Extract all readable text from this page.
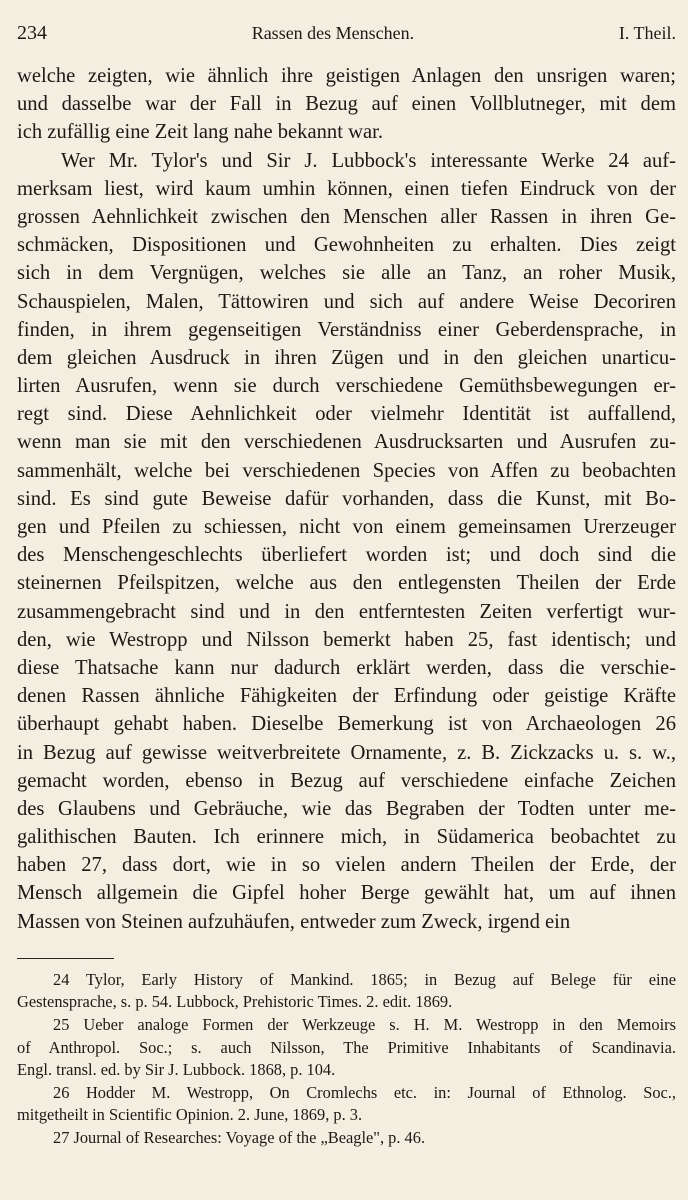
234	Rassen des Menschen.	I. Theil.
welche zeigten, wie ähnlich ihre geistigen Anlagen den unsrigen waren;
und dasselbe war der Fall in Bezug auf einen Vollblutneger, mit dem
ich zufällig eine Zeit lang nahe bekannt war.
Wer Mr. Tylor's und Sir J. Lubbock's interessante Werke 24 auf-
merksam liest, wird kaum umhin können, einen tiefen Eindruck von der
grossen Aehnlichkeit zwischen den Menschen aller Rassen in ihren Ge-
schmäcken, Dispositionen und Gewohnheiten zu erhalten. Dies zeigt
sich in dem Vergnügen, welches sie alle an Tanz, an roher Musik,
Schauspielen, Malen, Tättowiren und sich auf andere Weise Decoriren
finden, in ihrem gegenseitigen Verständniss einer Geberdensprache, in
dem gleichen Ausdruck in ihren Zügen und in den gleichen unarticu-
lirten Ausrufen, wenn sie durch verschiedene Gemüthsbewegungen er-
regt sind. Diese Aehnlichkeit oder vielmehr Identität ist auffallend,
wenn man sie mit den verschiedenen Ausdrucksarten und Ausrufen zu-
sammenhält, welche bei verschiedenen Species von Affen zu beobachten
sind. Es sind gute Beweise dafür vorhanden, dass die Kunst, mit Bo-
gen und Pfeilen zu schiessen, nicht von einem gemeinsamen Urerzeuger
des Menschengeschlechts überliefert worden ist; und doch sind die
steinernen Pfeilspitzen, welche aus den entlegensten Theilen der Erde
zusammengebracht sind und in den entferntesten Zeiten verfertigt wur-
den, wie Westropp und Nilsson bemerkt haben 25, fast identisch; und
diese Thatsache kann nur dadurch erklärt werden, dass die verschie-
denen Rassen ähnliche Fähigkeiten der Erfindung oder geistige Kräfte
überhaupt gehabt haben. Dieselbe Bemerkung ist von Archaeologen 26
in Bezug auf gewisse weitverbreitete Ornamente, z. B. Zickzacks u. s. w.,
gemacht worden, ebenso in Bezug auf verschiedene einfache Zeichen
des Glaubens und Gebräuche, wie das Begraben der Todten unter me-
galithischen Bauten. Ich erinnere mich, in Südamerica beobachtet zu
haben 27, dass dort, wie in so vielen andern Theilen der Erde, der
Mensch allgemein die Gipfel hoher Berge gewählt hat, um auf ihnen
Massen von Steinen aufzuhäufen, entweder zum Zweck, irgend ein
24 Tylor, Early History of Mankind. 1865; in Bezug auf Belege für eine
Gestensprache, s. p. 54. Lubbock, Prehistoric Times. 2. edit. 1869.
25 Ueber analoge Formen der Werkzeuge s. H. M. Westropp in den Memoirs
of Anthropol. Soc.; s. auch Nilsson, The Primitive Inhabitants of Scandinavia.
Engl. transl. ed. by Sir J. Lubbock. 1868, p. 104.
26 Hodder M. Westropp, On Cromlechs etc. in: Journal of Ethnolog. Soc.,
mitgetheilt in Scientific Opinion. 2. June, 1869, p. 3.
27 Journal of Researches: Voyage of the „Beagle", p. 46.
